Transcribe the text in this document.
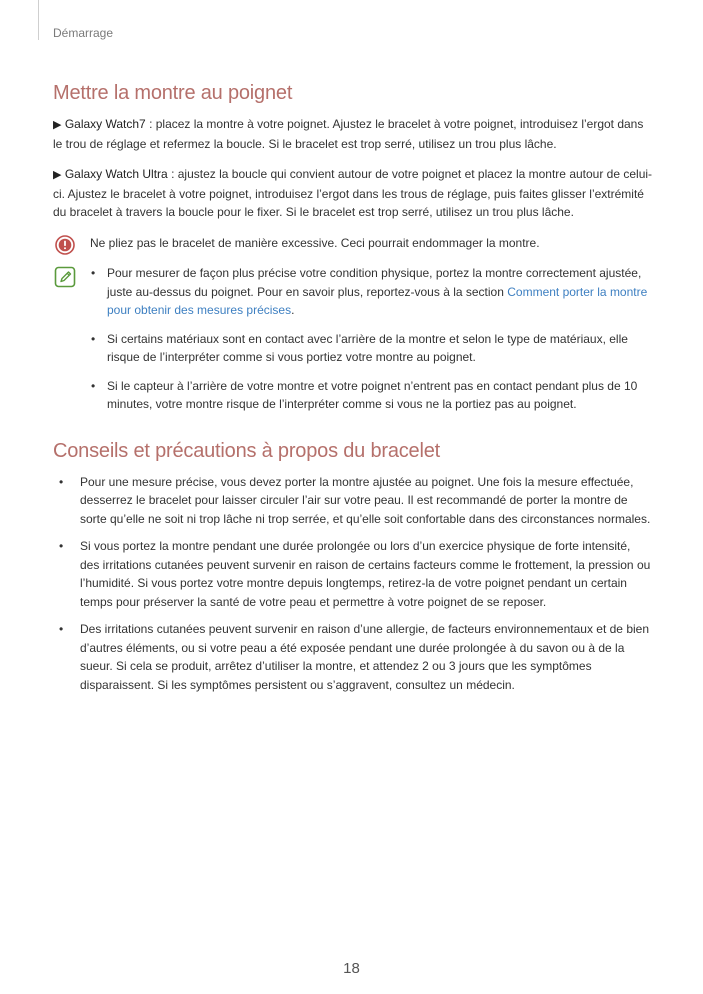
Démarrage
Mettre la montre au poignet

▶ Galaxy Watch7 : placez la montre à votre poignet. Ajustez le bracelet à votre poignet, introduisez l’ergot dans le trou de réglage et refermez la boucle. Si le bracelet est trop serré, utilisez un trou plus lâche.

▶ Galaxy Watch Ultra : ajustez la boucle qui convient autour de votre poignet et placez la montre autour de celui-ci. Ajustez le bracelet à votre poignet, introduisez l’ergot dans les trous de réglage, puis faites glisser l’extrémité du bracelet à travers la boucle pour le fixer. Si le bracelet est trop serré, utilisez un trou plus lâche.

Ne pliez pas le bracelet de manière excessive. Ceci pourrait endommager la montre.

• Pour mesurer de façon plus précise votre condition physique, portez la montre correctement ajustée, juste au-dessus du poignet. Pour en savoir plus, reportez-vous à la section Comment porter la montre pour obtenir des mesures précises.
• Si certains matériaux sont en contact avec l’arrière de la montre et selon le type de matériaux, elle risque de l’interpréter comme si vous portiez votre montre au poignet.
• Si le capteur à l’arrière de votre montre et votre poignet n’entrent pas en contact pendant plus de 10 minutes, votre montre risque de l’interpréter comme si vous ne la portiez pas au poignet.
Conseils et précautions à propos du bracelet
• Pour une mesure précise, vous devez porter la montre ajustée au poignet. Une fois la mesure effectuée, desserrez le bracelet pour laisser circuler l’air sur votre peau. Il est recommandé de porter la montre de sorte qu’elle ne soit ni trop lâche ni trop serrée, et qu’elle soit confortable dans des circonstances normales.
• Si vous portez la montre pendant une durée prolongée ou lors d’un exercice physique de forte intensité, des irritations cutanées peuvent survenir en raison de certains facteurs comme le frottement, la pression ou l’humidité. Si vous portez votre montre depuis longtemps, retirez-la de votre poignet pendant un certain temps pour préserver la santé de votre peau et permettre à votre poignet de se reposer.
• Des irritations cutanées peuvent survenir en raison d’une allergie, de facteurs environnementaux et de bien d’autres éléments, ou si votre peau a été exposée pendant une durée prolongée à du savon ou à de la sueur. Si cela se produit, arrêtez d’utiliser la montre, et attendez 2 ou 3 jours que les symptômes disparaissent. Si les symptômes persistent ou s’aggravent, consultez un médecin.
18
